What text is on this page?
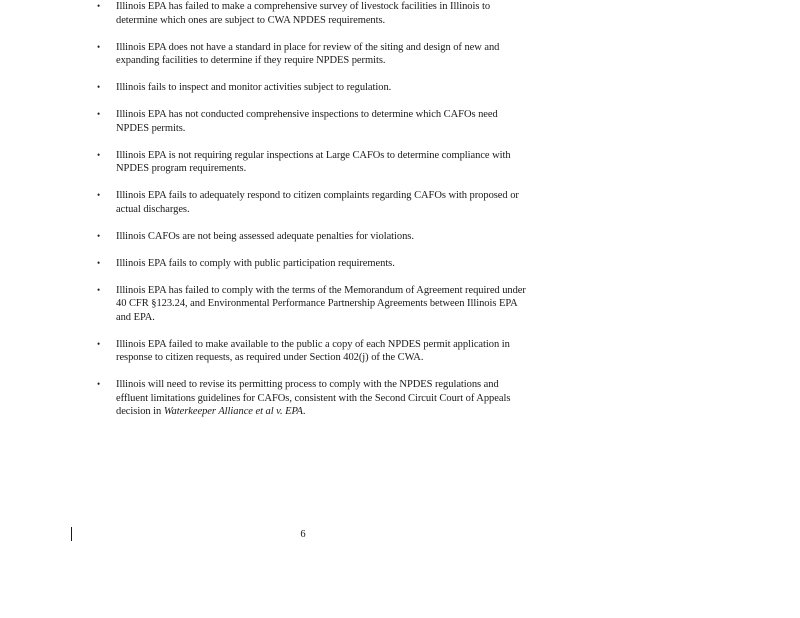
• Illinois EPA has failed to make a comprehensive survey of livestock facilities in Illinois to determine which ones are subject to CWA NPDES requirements.
• Illinois EPA does not have a standard in place for review of the siting and design of new and expanding facilities to determine if they require NPDES permits.
• Illinois fails to inspect and monitor activities subject to regulation.
• Illinois EPA has not conducted comprehensive inspections to determine which CAFOs need NPDES permits.
• Illinois EPA is not requiring regular inspections at Large CAFOs to determine compliance with NPDES program requirements.
• Illinois EPA fails to adequately respond to citizen complaints regarding CAFOs with proposed or actual discharges.
• Illinois CAFOs are not being assessed adequate penalties for violations.
• Illinois EPA fails to comply with public participation requirements.
• Illinois EPA has failed to comply with the terms of the Memorandum of Agreement required under 40 CFR §123.24, and Environmental Performance Partnership Agreements between Illinois EPA and EPA.
• Illinois EPA failed to make available to the public a copy of each NPDES permit application in response to citizen requests, as required under Section 402(j) of the CWA.
• Illinois will need to revise its permitting process to comply with the NPDES regulations and effluent limitations guidelines for CAFOs, consistent with the Second Circuit Court of Appeals decision in Waterkeeper Alliance et al v. EPA.
6
